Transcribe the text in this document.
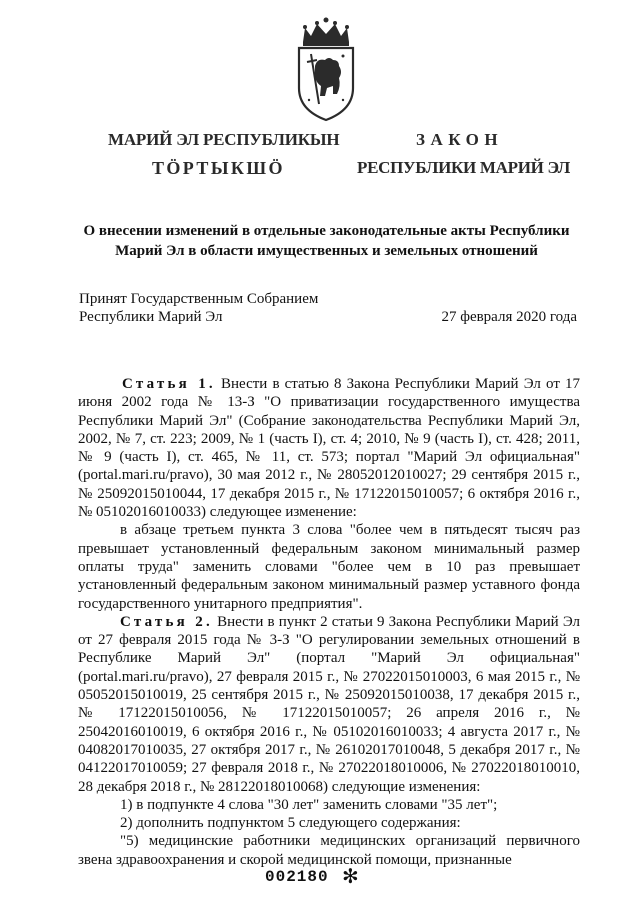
МАРИЙ ЭЛ РЕСПУБЛИКЫН
ТӦРТЫКШӦ
ЗАКОН
РЕСПУБЛИКИ МАРИЙ ЭЛ
О внесении изменений в отдельные законодательные акты Республики
Марий Эл в области имущественных и земельных отношений
Принят Государственным Собранием
Республики Марий Эл	27 февраля 2020 года

Статья 1. Внести в статью 8 Закона Республики Марий Эл от 17 июня 2002 года № 13-З "О приватизации государственного имущества Республики Марий Эл" (Собрание законодательства Республики Марий Эл, 2002, № 7, ст. 223; 2009, № 1 (часть I), ст. 4; 2010, № 9 (часть I), ст. 428; 2011, № 9 (часть I), ст. 465, № 11, ст. 573; портал "Марий Эл официальная" (portal.mari.ru/pravo), 30 мая 2012 г., № 28052012010027; 29 сентября 2015 г., № 25092015010044, 17 декабря 2015 г., № 17122015010057; 6 октября 2016 г., № 05102016010033) следующее изменение:

в абзаце третьем пункта 3 слова "более чем в пятьдесят тысяч раз превышает установленный федеральным законом минимальный размер оплаты труда" заменить словами "более чем в 10 раз превышает установленный федеральным законом минимальный размер уставного фонда государственного унитарного предприятия".

Статья 2. Внести в пункт 2 статьи 9 Закона Республики Марий Эл от 27 февраля 2015 года № 3-З "О регулировании земельных отношений в Республике Марий Эл" (портал "Марий Эл официальная" (portal.mari.ru/pravo), 27 февраля 2015 г., № 27022015010003, 6 мая 2015 г., № 05052015010019, 25 сентября 2015 г., № 25092015010038, 17 декабря 2015 г., № 17122015010056, № 17122015010057; 26 апреля 2016 г., № 25042016010019, 6 октября 2016 г., № 05102016010033; 4 августа 2017 г., № 04082017010035, 27 октября 2017 г., № 26102017010048, 5 декабря 2017 г., № 04122017010059; 27 февраля 2018 г., № 27022018010006, № 27022018010010, 28 декабря 2018 г., № 28122018010068) следующие изменения:

1) в подпункте 4 слова "30 лет" заменить словами "35 лет";

2) дополнить подпунктом 5 следующего содержания:

"5) медицинские работники медицинских организаций первичного звена здравоохранения и скорой медицинской помощи, признанные

002180 ✻
